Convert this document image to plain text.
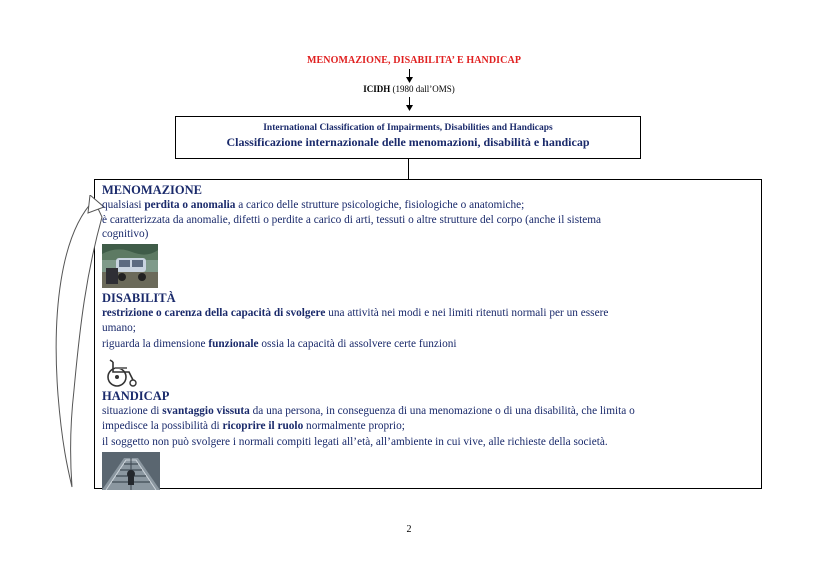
MENOMAZIONE, DISABILITA’ E HANDICAP
ICIDH (1980 dall’OMS)
International Classification of Impairments, Disabilities and Handicaps
Classificazione internazionale delle menomazioni, disabilità e handicap
MENOMAZIONE
qualsiasi perdita o anomalia a carico delle strutture psicologiche, fisiologiche o anatomiche;
è caratterizzata da anomalie, difetti o perdite a carico di arti, tessuti o altre strutture del corpo (anche il sistema
cognitivo)
DISABILITÀ
restrizione o carenza della capacità di svolgere una attività nei modi e nei limiti ritenuti normali per un essere
umano;
riguarda la dimensione funzionale ossia la capacità di assolvere certe funzioni
HANDICAP
situazione di svantaggio vissuta da una persona, in conseguenza di una menomazione o di una disabilità, che limita o
impedisce la possibilità di ricoprire il ruolo normalmente proprio;
il soggetto non può svolgere i normali compiti legati all’età, all’ambiente in cui vive, alle richieste della società.
2
